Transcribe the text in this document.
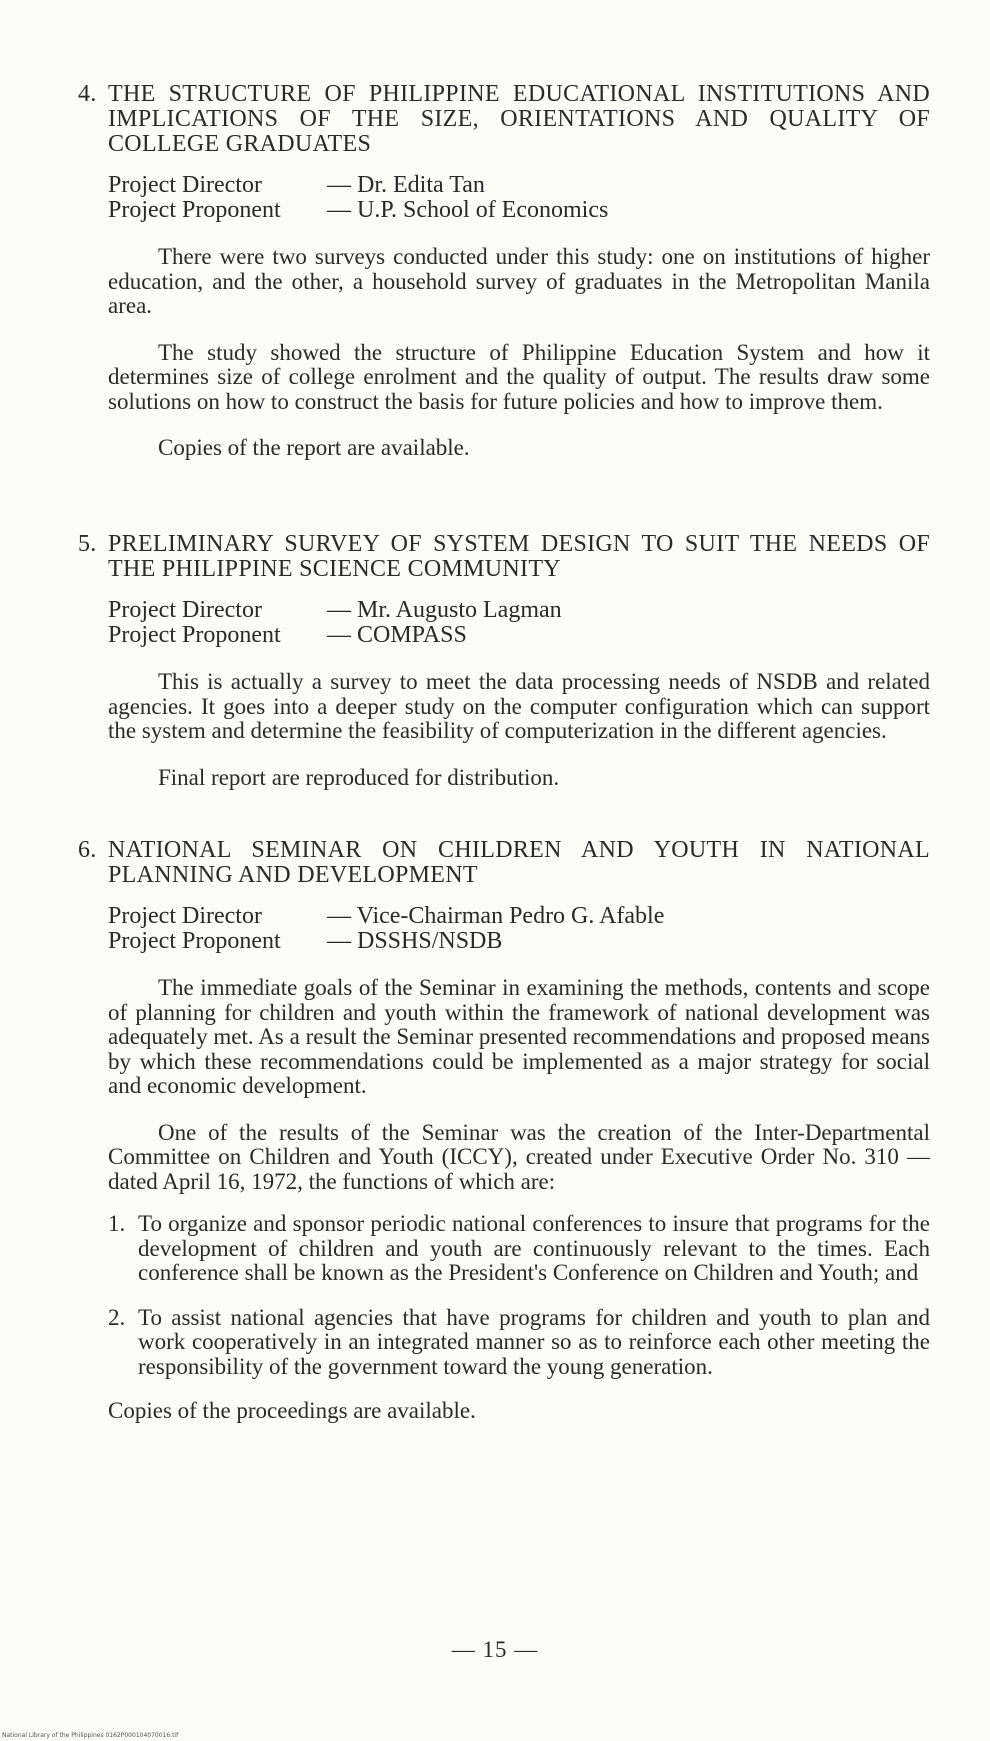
4. THE STRUCTURE OF PHILIPPINE EDUCATIONAL INSTITUTIONS AND IMPLICATIONS OF THE SIZE, ORIENTATIONS AND QUALITY OF COLLEGE GRADUATES
Project Director	— Dr. Edita Tan
Project Proponent	— U.P. School of Economics

There were two surveys conducted under this study: one on institutions of higher education, and the other, a household survey of graduates in the Metropolitan Manila area.

The study showed the structure of Philippine Education System and how it determines size of college enrolment and the quality of output. The results draw some solutions on how to construct the basis for future policies and how to improve them.

Copies of the report are available.

5. PRELIMINARY SURVEY OF SYSTEM DESIGN TO SUIT THE NEEDS OF THE PHILIPPINE SCIENCE COMMUNITY
Project Director	— Mr. Augusto Lagman
Project Proponent	— COMPASS

This is actually a survey to meet the data processing needs of NSDB and related agencies. It goes into a deeper study on the computer configuration which can support the system and determine the feasibility of computerization in the different agencies.

Final report are reproduced for distribution.

6. NATIONAL SEMINAR ON CHILDREN AND YOUTH IN NATIONAL PLANNING AND DEVELOPMENT
Project Director	— Vice-Chairman Pedro G. Afable
Project Proponent	— DSSHS/NSDB

The immediate goals of the Seminar in examining the methods, contents and scope of planning for children and youth within the framework of national development was adequately met. As a result the Seminar presented recommendations and proposed means by which these recommendations could be implemented as a major strategy for social and economic development.

One of the results of the Seminar was the creation of the Inter-Departmental Committee on Children and Youth (ICCY), created under Executive Order No. 310 — dated April 16, 1972, the functions of which are:

1. To organize and sponsor periodic national conferences to insure that programs for the development of children and youth are continuously relevant to the times. Each conference shall be known as the President's Conference on Children and Youth; and
2. To assist national agencies that have programs for children and youth to plan and work cooperatively in an integrated manner so as to reinforce each other meeting the responsibility of the government toward the young generation.

Copies of the proceedings are available.

— 15 —
National Library of the Philippines 0162P000104070016.tif
